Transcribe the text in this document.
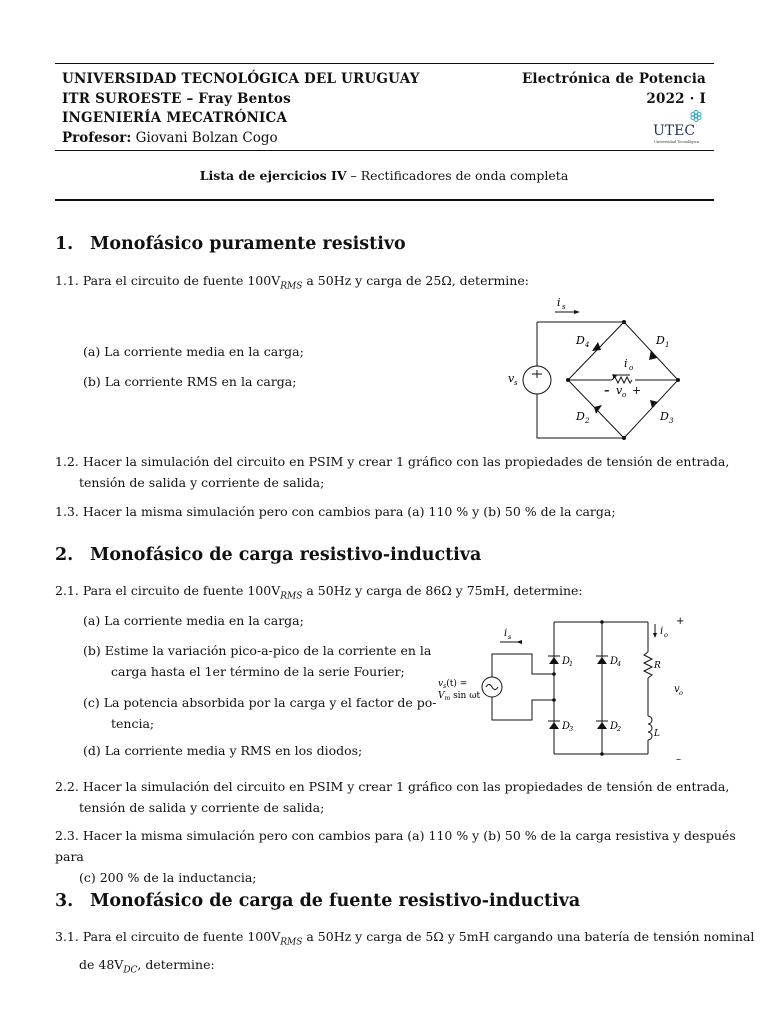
UNIVERSIDAD TECNOLÓGICA DEL URUGUAY
ITR SUROESTE – Fray Bentos
INGENIERÍA MECATRÓNICA
Profesor: Giovani Bolzan Cogo
Electrónica de Potencia
2022 · I
UTEC
Universidad Tecnológica
Lista de ejercicios IV – Rectificadores de onda completa
1. Monofásico puramente resistivo
1.1. Para el circuito de fuente $100V_{RMS}$ a 50Hz y carga de 25Ω, determine:
(a) La corriente media en la carga;
(b) La corriente RMS en la carga;
i s
D 4	D 1
D 2	D 3
i o
v s
– v o +
1.2. Hacer la simulación del circuito en PSIM y crear 1 gráfico con las propiedades de tensión de entrada,
tensión de salida y corriente de salida;
1.3. Hacer la misma simulación pero con cambios para (a) 110 % y (b) 50 % de la carga;
2. Monofásico de carga resistivo-inductiva
2.1. Para el circuito de fuente $100V_{RMS}$ a 50Hz y carga de 86Ω y 75mH, determine:
(a) La corriente media en la carga;
(b) Estime la variación pico-a-pico de la corriente en la
carga hasta el 1er término de la serie Fourier;
(c) La potencia absorbida por la carga y el factor de po-
tencia;
(d) La corriente media y RMS en los diodos;
i s
$v_s(t)$ =
$V_m$ sin ωt
D
1	D
4
D
3	D
2
i o
+
–
R
L
v o
2.2. Hacer la simulación del circuito en PSIM y crear 1 gráfico con las propiedades de tensión de entrada,
tensión de salida y corriente de salida;
2.3. Hacer la misma simulación pero con cambios para (a) 110 % y (b) 50 % de la carga resistiva y después para
(c) 200 % de la inductancia;
3. Monofásico de carga de fuente resistivo-inductiva
3.1. Para el circuito de fuente $100V_{RMS}$ a 50Hz y carga de 5Ω y 5mH cargando una batería de tensión nominal
de $48V_{DC}$, determine:
